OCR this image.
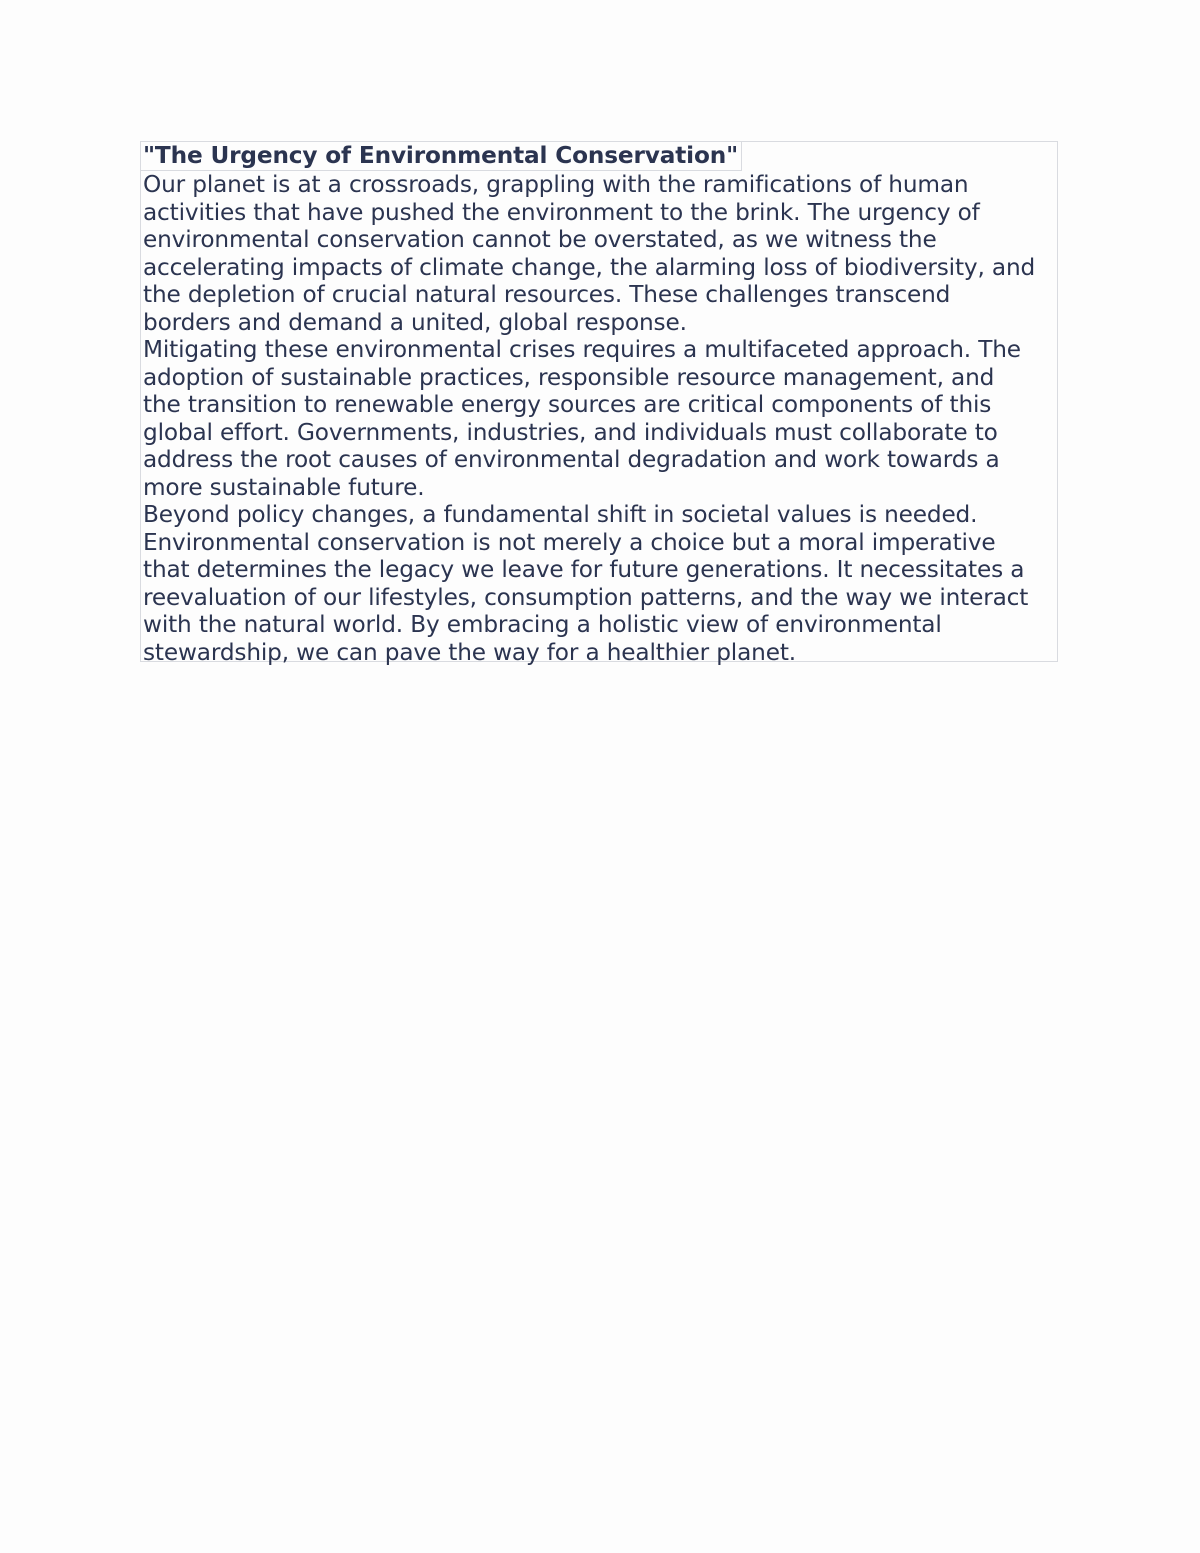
"The Urgency of Environmental Conservation"

Our planet is at a crossroads, grappling with the ramifications of human
activities that have pushed the environment to the brink. The urgency of
environmental conservation cannot be overstated, as we witness the
accelerating impacts of climate change, the alarming loss of biodiversity, and
the depletion of crucial natural resources. These challenges transcend
borders and demand a united, global response.

Mitigating these environmental crises requires a multifaceted approach. The
adoption of sustainable practices, responsible resource management, and
the transition to renewable energy sources are critical components of this
global effort. Governments, industries, and individuals must collaborate to
address the root causes of environmental degradation and work towards a
more sustainable future.

Beyond policy changes, a fundamental shift in societal values is needed.
Environmental conservation is not merely a choice but a moral imperative
that determines the legacy we leave for future generations. It necessitates a
reevaluation of our lifestyles, consumption patterns, and the way we interact
with the natural world. By embracing a holistic view of environmental
stewardship, we can pave the way for a healthier planet.
